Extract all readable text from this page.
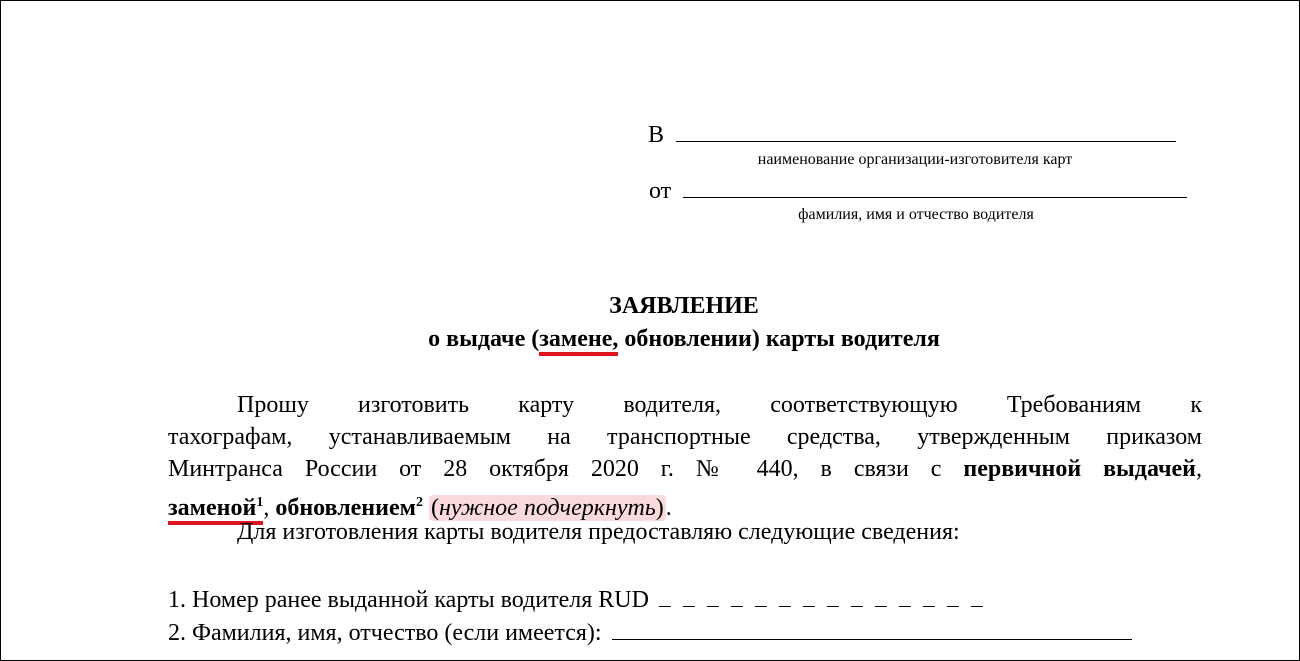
В
наименование организации-изготовителя карт
от
фамилия, имя и отчество водителя
ЗАЯВЛЕНИЕ
о выдаче (замене, обновлении) карты водителя
Прошу изготовить карту водителя, соответствующую Требованиям к
тахографам, устанавливаемым на транспортные средства, утвержденным приказом
Минтранса России от 28 октября 2020 г. № 440, в связи с первичной выдачей,
заменой$^1$, обновлением$^2$ (нужное подчеркнуть).
Для изготовления карты водителя предоставляю следующие сведения:
1. Номер ранее выданной карты водителя RUD
2. Фамилия, имя, отчество (если имеется):
